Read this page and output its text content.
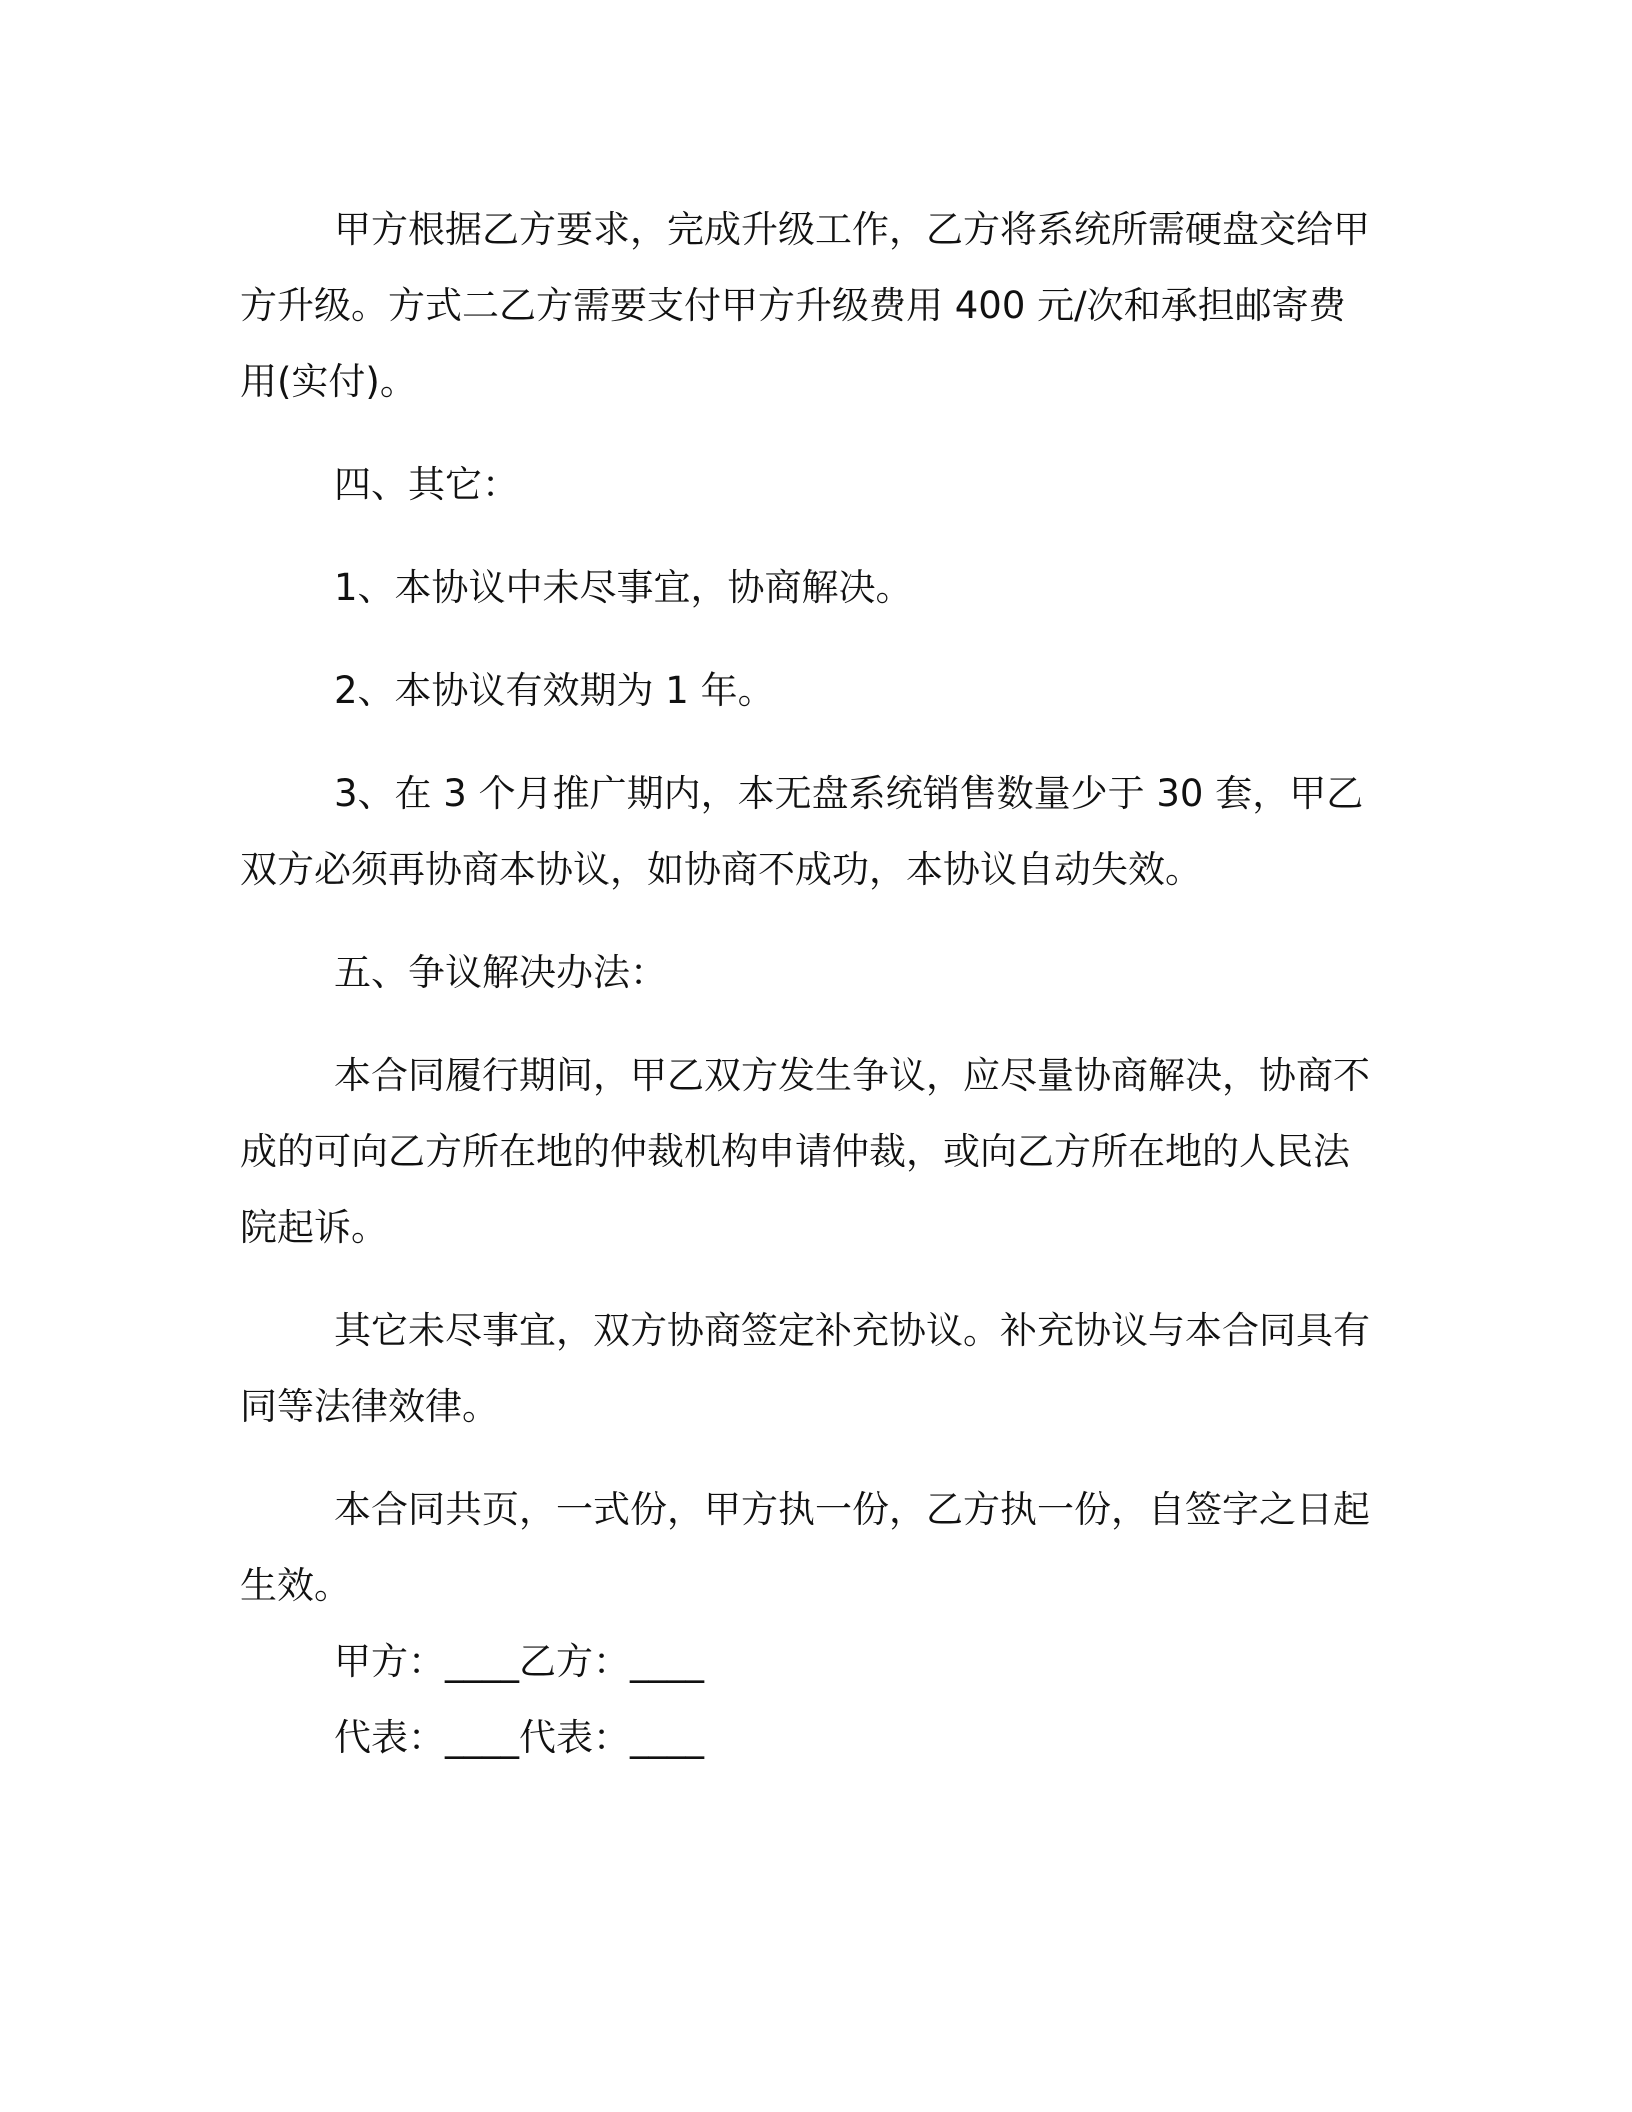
甲方根据乙方要求，完成升级工作，乙方将系统所需硬盘交给甲方升级。方式二乙方需要支付甲方升级费用 400 元/次和承担邮寄费用(实付)。

四、其它：

1、本协议中未尽事宜，协商解决。

2、本协议有效期为 1 年。

3、在 3 个月推广期内，本无盘系统销售数量少于 30 套，甲乙双方必须再协商本协议，如协商不成功，本协议自动失效。

五、争议解决办法：

本合同履行期间，甲乙双方发生争议，应尽量协商解决，协商不成的可向乙方所在地的仲裁机构申请仲裁，或向乙方所在地的人民法院起诉。

其它未尽事宜，双方协商签定补充协议。补充协议与本合同具有同等法律效律。

本合同共页，一式份，甲方执一份，乙方执一份，自签字之日起生效。

甲方：____乙方：____

代表：____代表：____
